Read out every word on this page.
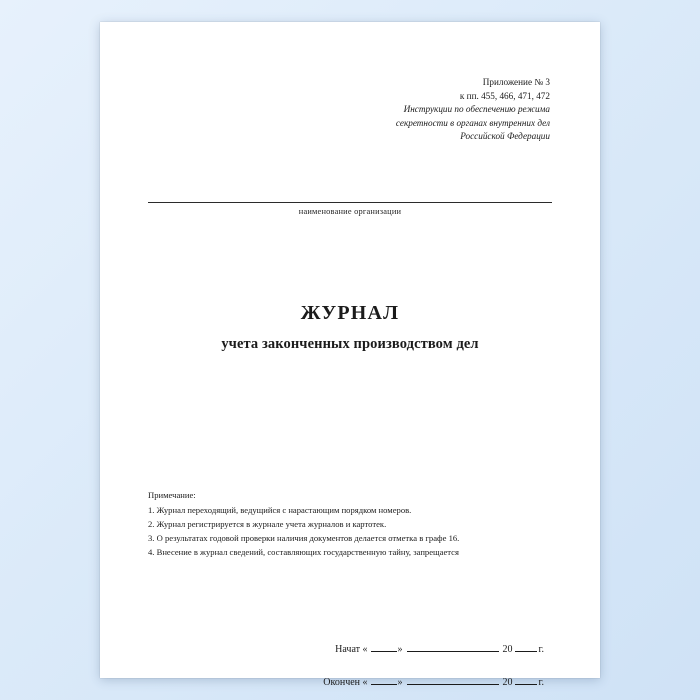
Приложение № 3
к пп. 455, 466, 471, 472
Инструкции по обеспечению режима
секретности в органах внутренних дел
Российской Федерации
наименование организации
ЖУРНАЛ
учета законченных производством дел
Примечание:
1. Журнал переходящий, ведущийся с нарастающим порядком номеров.
2. Журнал регистрируется в журнале учета журналов и картотек.
3. О результатах годовой проверки наличия документов делается отметка в графе 16.
4. Внесение в журнал сведений, составляющих государственную тайну, запрещается
Начат «	»	20	г.
Окончен «	»	20	г.
